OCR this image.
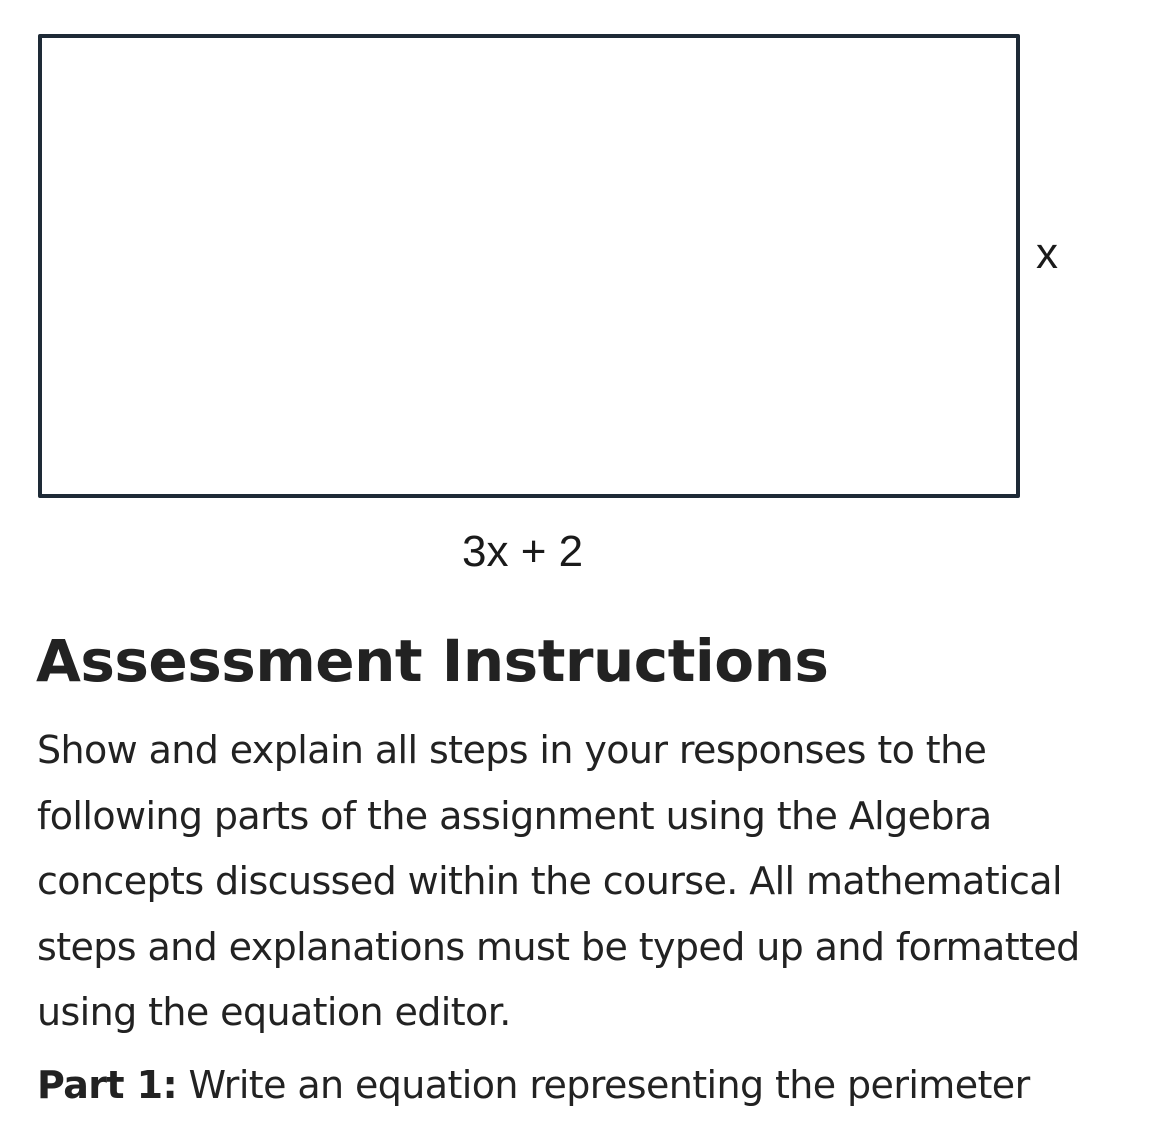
x
3x + 2
Assessment Instructions

Show and explain all steps in your responses to the following parts of the assignment using the Algebra concepts discussed within the course. All mathematical steps and explanations must be typed up and formatted using the equation editor.

Part 1: Write an equation representing the perimeter
